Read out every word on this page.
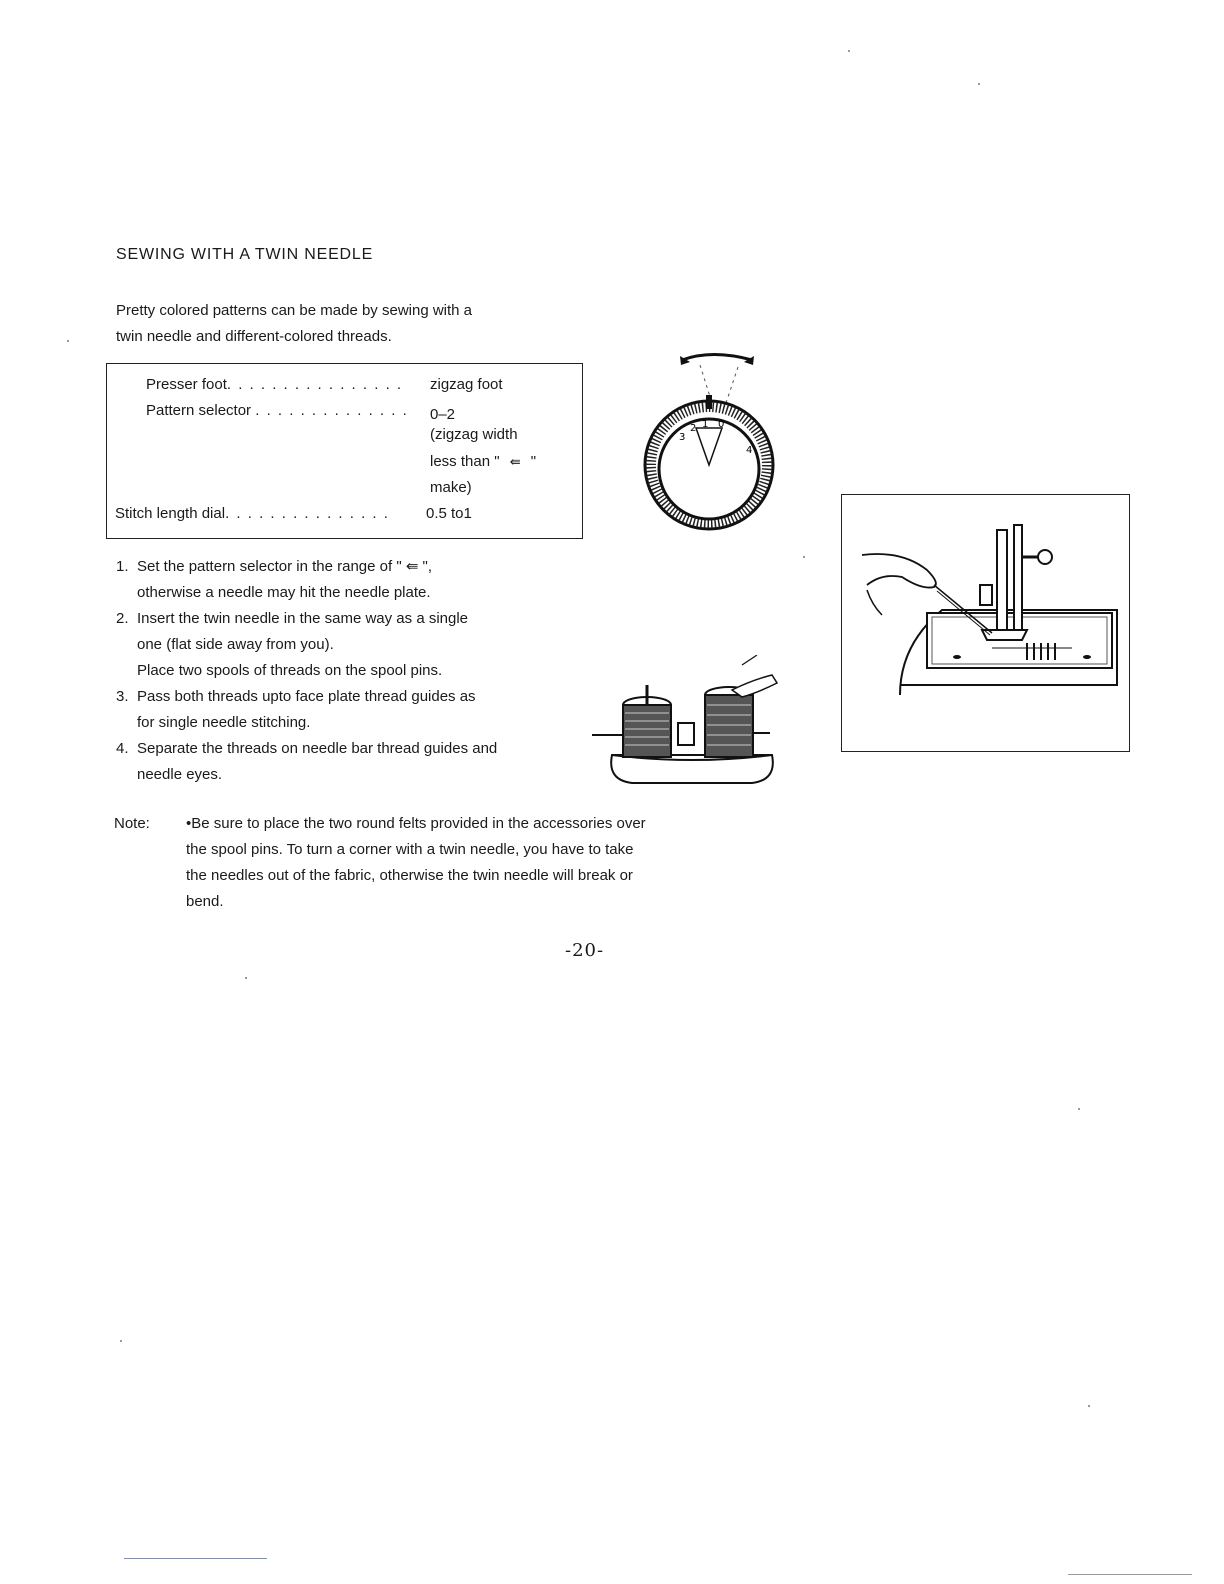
SEWING WITH A TWIN NEEDLE
Pretty colored patterns can be made by sewing with a
twin needle and different-colored threads.
Presser foot. . . . . . . . . . . . . . . . zigzag foot
Pattern selector . . . . . . . . . . . . . . 0–2
(zigzag width
less than " ⇚ "
make)
Stitch length dial. . . . . . . . . . . . . . . 0.5 to1
1. Set the pattern selector in the range of " ⇚ ",
otherwise a needle may hit the needle plate.
2. Insert the twin needle in the same way as a single
one (flat side away from you).
Place two spools of threads on the spool pins.
3. Pass both threads upto face plate thread guides as
for single needle stitching.
4. Separate the threads on needle bar thread guides and
needle eyes.
Note: •Be sure to place the two round felts provided in the accessories over
the spool pins. To turn a corner with a twin needle, you have to take
the needles out of the fabric, otherwise the twin needle will break or
bend.
3
2 1 0
4
-20-
